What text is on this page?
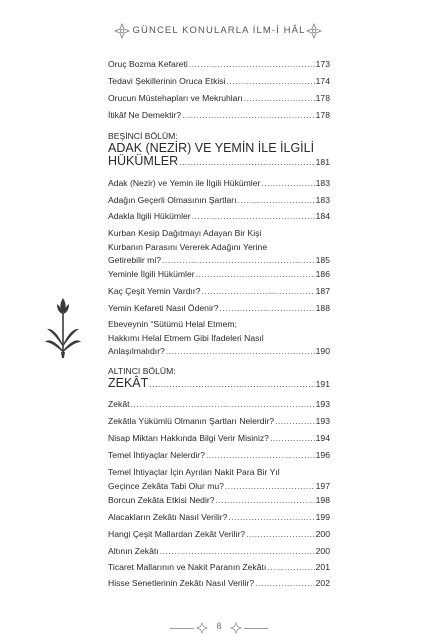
GÜNCEL KONULARLA İLM-İ HÂL
Oruç Bozma Kefareti .....	173
Tedavi Şekillerinin Oruca Etkisi .....	174
Orucun Müstehapları ve Mekruhları .....	178
İtikâf Ne Demektir? .....	178
BEŞİNCİ BÖLÜM:
ADAK (NEZİR) VE YEMİN İLE İLGİLİ
HÜKÜMLER .....	181
Adak (Nezir) ve Yemin ile İlgili Hükümler .....	183
Adağın Geçerli Olmasının Şartları .....	183
Adakla İlgili Hükümler .....	184
Kurban Kesip Dağıtmayı Adayan Bir Kişi
Kurbanın Parasını Vererek Adağını Yerine
Getirebilir mi? .....	185
Yeminle İlgili Hükümler .....	186
Kaç Çeşit Yemin Vardır? .....	187
Yemin Kefareti Nasıl Ödenir? .....	188
Ebeveynin “Sütümü Helal Etmem;
Hakkımı Helal Etmem Gibi İfadeleri Nasıl
Anlaşılmalıdır? .....	190
ALTINCI BÖLÜM:
ZEKÂT .....	191
Zekât .....	193
Zekâtla Yükümlü Olmanın Şartları Nelerdir? .....	193
Nisap Miktarı Hakkında Bilgi Verir Misiniz? .....	194
Temel İhtiyaçlar Nelerdir? .....	196
Temel İhtiyaçlar İçin Ayrılan Nakit Para Bir Yıl
Geçince Zekâta Tabi Olur mu? .....	197
Borcun Zekâta Etkisi Nedir? .....	198
Alacakların Zekâtı Nasıl Verilir? .....	199
Hangi Çeşit Mallardan Zekât Verilir? .....	200
Altının Zekâtı .....	200
Ticaret Mallarının ve Nakit Paranın Zekâtı .....	201
Hisse Senetlerinin Zekâtı Nasıl Verilir? .....	202
8
